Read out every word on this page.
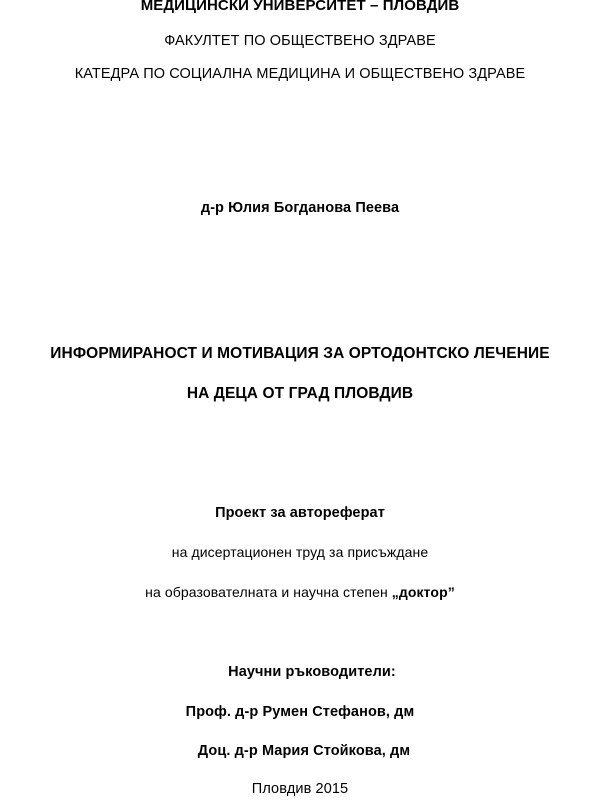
МЕДИЦИНСКИ УНИВЕРСИТЕТ – ПЛОВДИВ
ФАКУЛТЕТ ПО ОБЩЕСТВЕНО ЗДРАВЕ
КАТЕДРА ПО СОЦИАЛНА МЕДИЦИНА И ОБЩЕСТВЕНО ЗДРАВЕ
д-р Юлия Богданова Пеева
ИНФОРМИРАНОСТ И МОТИВАЦИЯ ЗА ОРТОДОНТСКО ЛЕЧЕНИЕ
НА ДЕЦА ОТ ГРАД ПЛОВДИВ
Проект за автореферат
на дисертационен труд за присъждане
на образователната и научна степен „доктор”
Научни ръководители:
Проф. д-р Румен Стефанов, дм
Доц. д-р Мария Стойкова, дм
Пловдив 2015
